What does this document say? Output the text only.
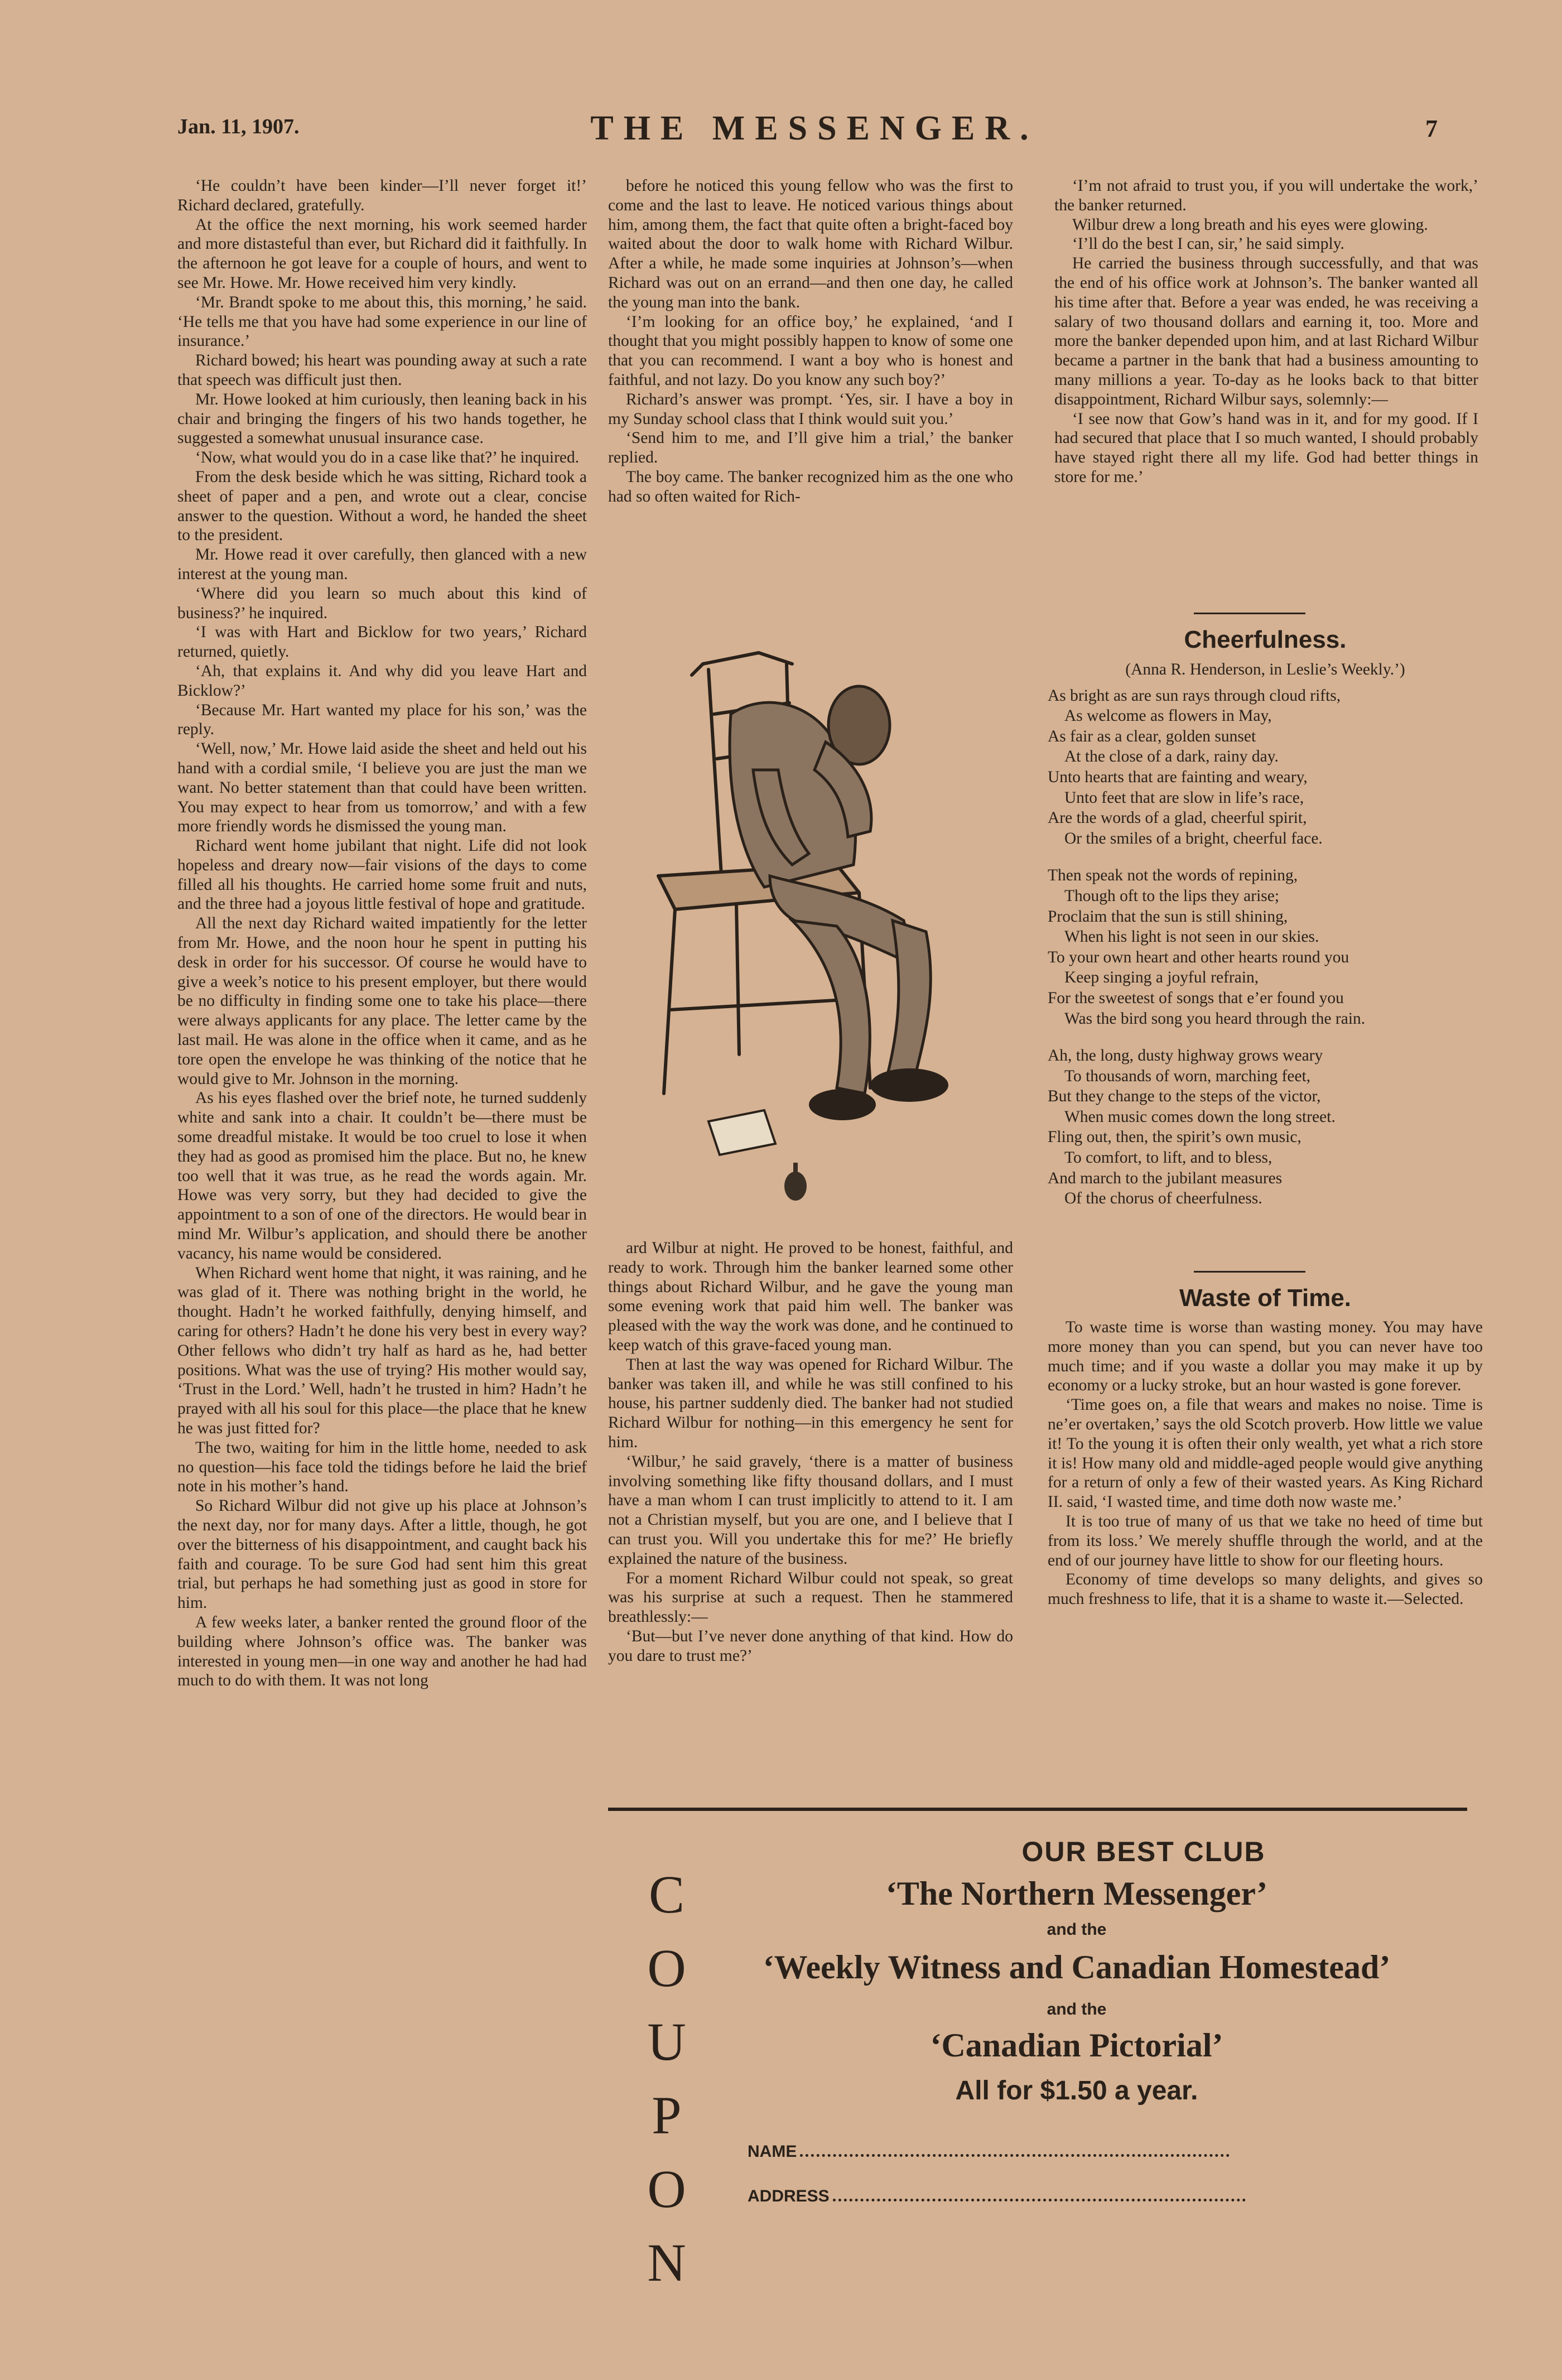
Jan. 11, 1907.	THE MESSENGER.	7

‘He couldn’t have been kinder—I’ll never forget it!’ Richard declared, gratefully.

At the office the next morning, his work seemed harder and more distasteful than ever, but Richard did it faithfully. In the afternoon he got leave for a couple of hours, and went to see Mr. Howe. Mr. Howe received him very kindly.

‘Mr. Brandt spoke to me about this, this morning,’ he said. ‘He tells me that you have had some experience in our line of insurance.’

Richard bowed; his heart was pounding away at such a rate that speech was difficult just then.

Mr. Howe looked at him curiously, then leaning back in his chair and bringing the fingers of his two hands together, he suggested a somewhat unusual insurance case.

‘Now, what would you do in a case like that?’ he inquired.

From the desk beside which he was sitting, Richard took a sheet of paper and a pen, and wrote out a clear, concise answer to the question. Without a word, he handed the sheet to the president.

Mr. Howe read it over carefully, then glanced with a new interest at the young man.

‘Where did you learn so much about this kind of business?’ he inquired.

‘I was with Hart and Bicklow for two years,’ Richard returned, quietly.

‘Ah, that explains it. And why did you leave Hart and Bicklow?’

‘Because Mr. Hart wanted my place for his son,’ was the reply.

‘Well, now,’ Mr. Howe laid aside the sheet and held out his hand with a cordial smile, ‘I believe you are just the man we want. No better statement than that could have been written. You may expect to hear from us tomorrow,’ and with a few more friendly words he dismissed the young man.

Richard went home jubilant that night. Life did not look hopeless and dreary now—fair visions of the days to come filled all his thoughts. He carried home some fruit and nuts, and the three had a joyous little festival of hope and gratitude.

All the next day Richard waited impatiently for the letter from Mr. Howe, and the noon hour he spent in putting his desk in order for his successor. Of course he would have to give a week’s notice to his present employer, but there would be no difficulty in finding some one to take his place—there were always applicants for any place. The letter came by the last mail. He was alone in the office when it came, and as he tore open the envelope he was thinking of the notice that he would give to Mr. Johnson in the morning.

As his eyes flashed over the brief note, he turned suddenly white and sank into a chair. It couldn’t be—there must be some dreadful mistake. It would be too cruel to lose it when they had as good as promised him the place. But no, he knew too well that it was true, as he read the words again. Mr. Howe was very sorry, but they had decided to give the appointment to a son of one of the directors. He would bear in mind Mr. Wilbur’s application, and should there be another vacancy, his name would be considered.

When Richard went home that night, it was raining, and he was glad of it. There was nothing bright in the world, he thought. Hadn’t he worked faithfully, denying himself, and caring for others? Hadn’t he done his very best in every way? Other fellows who didn’t try half as hard as he, had better positions. What was the use of trying? His mother would say, ‘Trust in the Lord.’ Well, hadn’t he trusted in him? Hadn’t he prayed with all his soul for this place—the place that he knew he was just fitted for?

The two, waiting for him in the little home, needed to ask no question—his face told the tidings before he laid the brief note in his mother’s hand.

So Richard Wilbur did not give up his place at Johnson’s the next day, nor for many days. After a little, though, he got over the bitterness of his disappointment, and caught back his faith and courage. To be sure God had sent him this great trial, but perhaps he had something just as good in store for him.

A few weeks later, a banker rented the ground floor of the building where Johnson’s office was. The banker was interested in young men—in one way and another he had had much to do with them. It was not long

before he noticed this young fellow who was the first to come and the last to leave. He noticed various things about him, among them, the fact that quite often a bright-faced boy waited about the door to walk home with Richard Wilbur. After a while, he made some inquiries at Johnson’s—when Richard was out on an errand—and then one day, he called the young man into the bank.

‘I’m looking for an office boy,’ he explained, ‘and I thought that you might possibly happen to know of some one that you can recommend. I want a boy who is honest and faithful, and not lazy. Do you know any such boy?’

Richard’s answer was prompt. ‘Yes, sir. I have a boy in my Sunday school class that I think would suit you.’

‘Send him to me, and I’ll give him a trial,’ the banker replied.

The boy came. The banker recognized him as the one who had so often waited for Rich-

ard Wilbur at night. He proved to be honest, faithful, and ready to work. Through him the banker learned some other things about Richard Wilbur, and he gave the young man some evening work that paid him well. The banker was pleased with the way the work was done, and he continued to keep watch of this grave-faced young man.

Then at last the way was opened for Richard Wilbur. The banker was taken ill, and while he was still confined to his house, his partner suddenly died. The banker had not studied Richard Wilbur for nothing—in this emergency he sent for him.

‘Wilbur,’ he said gravely, ‘there is a matter of business involving something like fifty thousand dollars, and I must have a man whom I can trust implicitly to attend to it. I am not a Christian myself, but you are one, and I believe that I can trust you. Will you undertake this for me?’ He briefly explained the nature of the business.

For a moment Richard Wilbur could not speak, so great was his surprise at such a request. Then he stammered breathlessly:—

‘But—but I’ve never done anything of that kind. How do you dare to trust me?’

‘I’m not afraid to trust you, if you will undertake the work,’ the banker returned.

Wilbur drew a long breath and his eyes were glowing.

‘I’ll do the best I can, sir,’ he said simply.

He carried the business through successfully, and that was the end of his office work at Johnson’s. The banker wanted all his time after that. Before a year was ended, he was receiving a salary of two thousand dollars and earning it, too. More and more the banker depended upon him, and at last Richard Wilbur became a partner in the bank that had a business amounting to many millions a year. To-day as he looks back to that bitter disappointment, Richard Wilbur says, solemnly:—

‘I see now that Gow’s hand was in it, and for my good. If I had secured that place that I so much wanted, I should probably have stayed right there all my life. God had better things in store for me.’

Cheerfulness.
(Anna R. Henderson, in Leslie’s Weekly.’)
As bright as are sun rays through cloud rifts,
As welcome as flowers in May,
As fair as a clear, golden sunset
At the close of a dark, rainy day.
Unto hearts that are fainting and weary,
Unto feet that are slow in life’s race,
Are the words of a glad, cheerful spirit,
Or the smiles of a bright, cheerful face.
Then speak not the words of repining,
Though oft to the lips they arise;
Proclaim that the sun is still shining,
When his light is not seen in our skies.
To your own heart and other hearts round you
Keep singing a joyful refrain,
For the sweetest of songs that e’er found you
Was the bird song you heard through the rain.
Ah, the long, dusty highway grows weary
To thousands of worn, marching feet,
But they change to the steps of the victor,
When music comes down the long street.
Fling out, then, the spirit’s own music,
To comfort, to lift, and to bless,
And march to the jubilant measures
Of the chorus of cheerfulness.
Waste of Time.

To waste time is worse than wasting money. You may have more money than you can spend, but you can never have too much time; and if you waste a dollar you may make it up by economy or a lucky stroke, but an hour wasted is gone forever.

‘Time goes on, a file that wears and makes no noise. Time is ne’er overtaken,’ says the old Scotch proverb. How little we value it! To the young it is often their only wealth, yet what a rich store it is! How many old and middle-aged people would give anything for a return of only a few of their wasted years. As King Richard II. said, ‘I wasted time, and time doth now waste me.’

It is too true of many of us that we take no heed of time but from its loss.’ We merely shuffle through the world, and at the end of our journey have little to show for our fleeting hours.

Economy of time develops so many delights, and gives so much freshness to life, that it is a shame to waste it.—Selected.

C
O
U
P
O
N
OUR BEST CLUB
‘The Northern Messenger’
and the
‘Weekly Witness and Canadian Homestead’
and the
‘Canadian Pictorial’
All for $1.50 a year.
NAME
ADDRESS
